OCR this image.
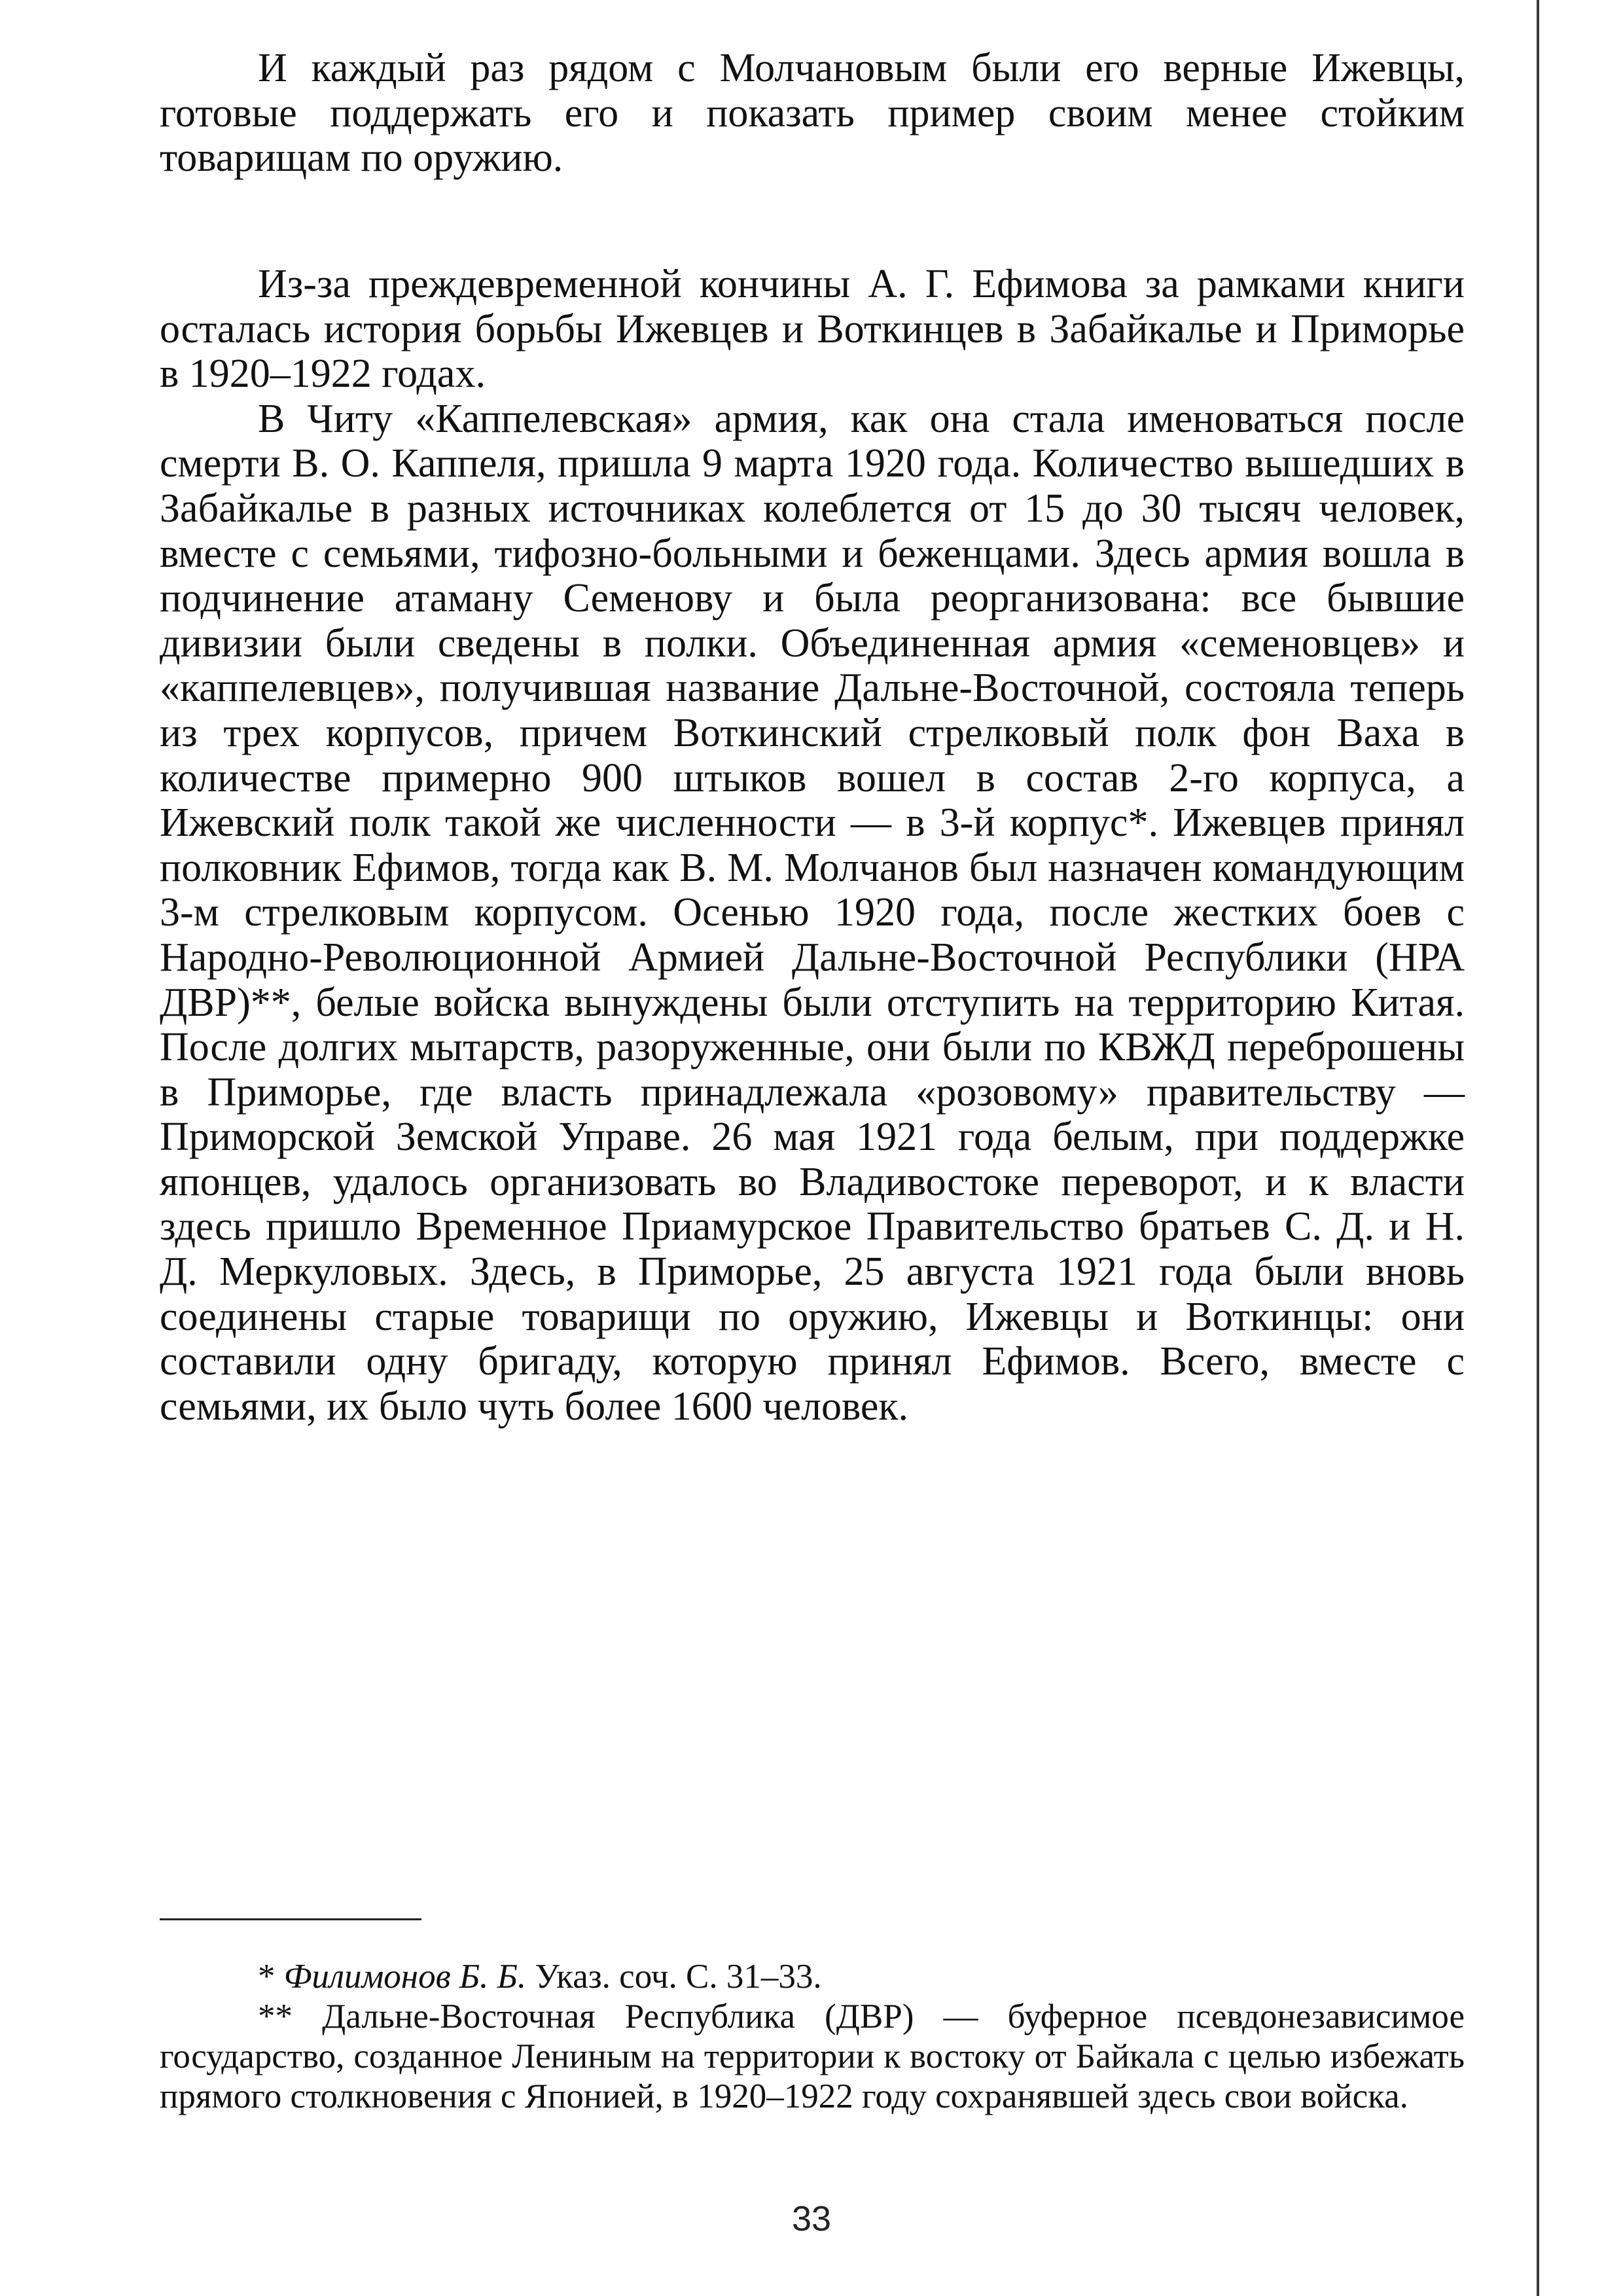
И каждый раз рядом с Молчановым были его верные Ижевцы, готовые поддержать его и показать пример своим менее стойким товарищам по оружию.

Из-за преждевременной кончины А. Г. Ефимова за рамками книги осталась история борьбы Ижевцев и Воткинцев в Забайкалье и Приморье в 1920–1922 годах.

В Читу «Каппелевская» армия, как она стала именоваться после смерти В. О. Каппеля, пришла 9 марта 1920 года. Количество вышедших в Забайкалье в разных источниках колеблется от 15 до 30 тысяч человек, вместе с семьями, тифозно-больными и беженцами. Здесь армия вошла в подчинение атаману Семенову и была реорганизована: все бывшие дивизии были сведены в полки. Объединенная армия «семеновцев» и «каппелевцев», получившая название Дальне-Восточной, состояла теперь из трех корпусов, причем Воткинский стрелковый полк фон Ваха в количестве примерно 900 штыков вошел в состав 2-го корпуса, а Ижевский полк такой же численности — в 3-й корпус*. Ижевцев принял полковник Ефимов, тогда как В. М. Молчанов был назначен командующим 3-м стрелковым корпусом. Осенью 1920 года, после жестких боев с Народно-Революционной Армией Дальне-Восточной Республики (НРА ДВР)**, белые войска вынуждены были отступить на территорию Китая. После долгих мытарств, разоруженные, они были по КВЖД переброшены в Приморье, где власть принадлежала «розовому» правительству — Приморской Земской Управе. 26 мая 1921 года белым, при поддержке японцев, удалось организовать во Владивостоке переворот, и к власти здесь пришло Временное Приамурское Правительство братьев С. Д. и Н. Д. Меркуловых. Здесь, в Приморье, 25 августа 1921 года были вновь соединены старые товарищи по оружию, Ижевцы и Воткинцы: они составили одну бригаду, которую принял Ефимов. Всего, вместе с семьями, их было чуть более 1600 человек.

* Филимонов Б. Б. Указ. соч. С. 31–33.

** Дальне-Восточная Республика (ДВР) — буферное псевдонезависимое государство, созданное Лениным на территории к востоку от Байкала с целью избежать прямого столкновения с Японией, в 1920–1922 году сохранявшей здесь свои войска.

33
